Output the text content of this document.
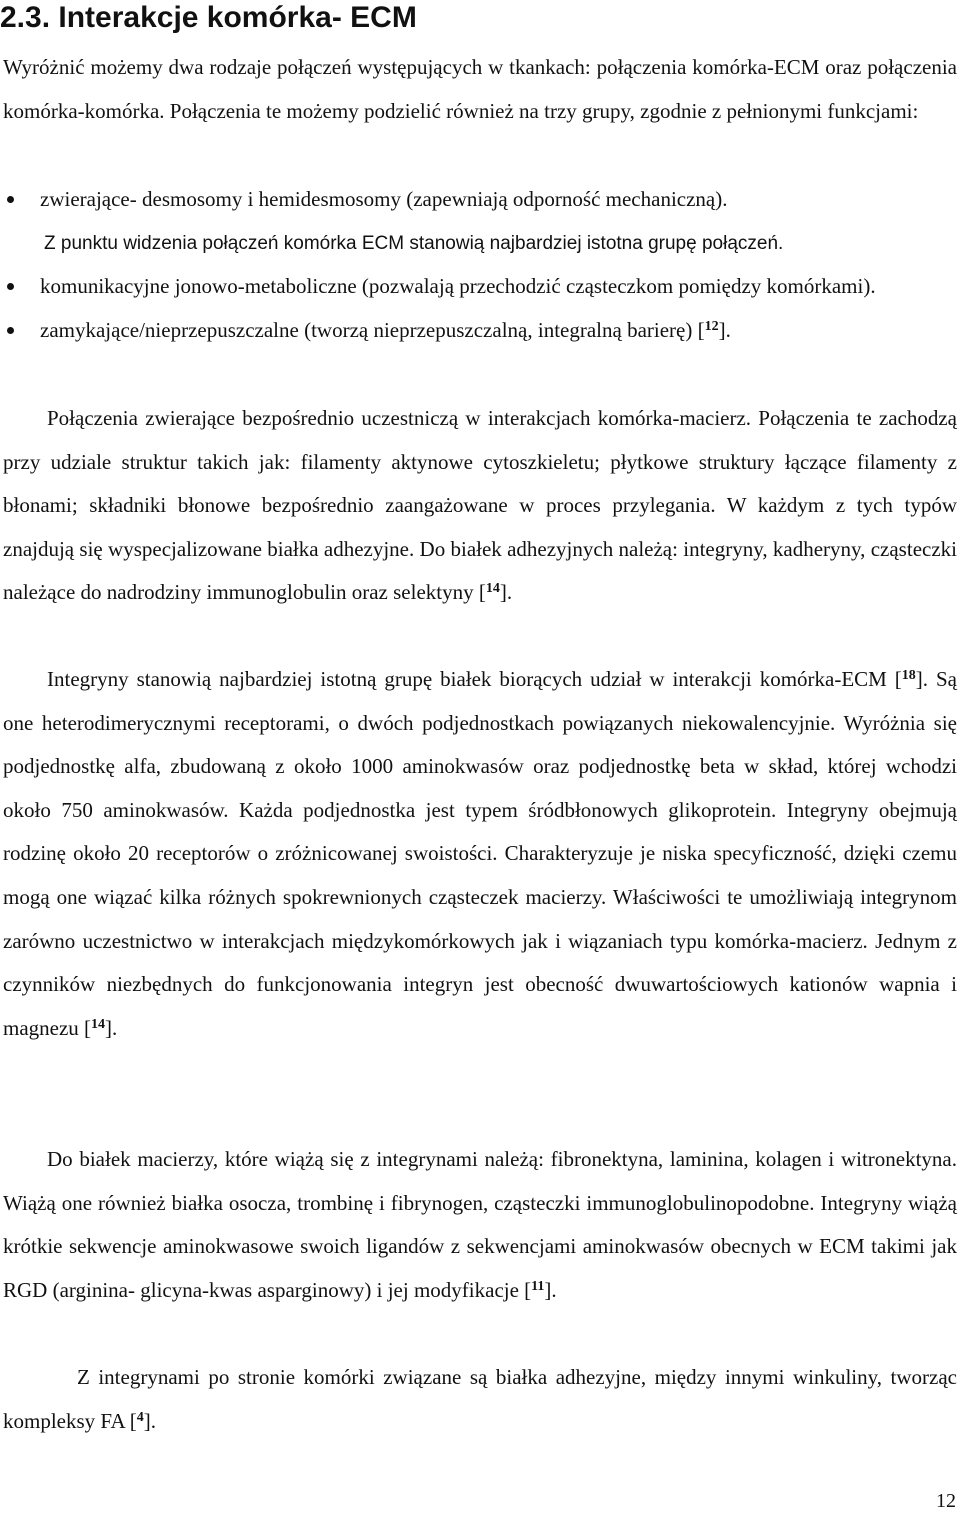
2.3. Interakcje komórka- ECM

Wyróżnić możemy dwa rodzaje połączeń występujących w tkankach: połączenia komórka-ECM oraz połączenia komórka-komórka. Połączenia te możemy podzielić również na trzy grupy, zgodnie z pełnionymi funkcjami:

zwierające- desmosomy i hemidesmosomy (zapewniają odporność mechaniczną).
komunikacyjne jonowo-metaboliczne (pozwalają przechodzić cząsteczkom pomiędzy komórkami).
zamykające/nieprzepuszczalne (tworzą nieprzepuszczalną, integralną barierę) [$^{12}$].

Z punktu widzenia połączeń komórka ECM stanowią najbardziej istotna grupę połączeń.

Połączenia zwierające bezpośrednio uczestniczą w interakcjach komórka-macierz. Połączenia te zachodzą przy udziale struktur takich jak: filamenty aktynowe cytoszkieletu; płytkowe struktury łączące filamenty z błonami; składniki błonowe bezpośrednio zaangażowane w proces przylegania. W każdym z tych typów znajdują się wyspecjalizowane białka adhezyjne. Do białek adhezyjnych należą: integryny, kadheryny, cząsteczki należące do nadrodziny immunoglobulin oraz selektyny [$^{14}$].

Integryny stanowią najbardziej istotną grupę białek biorących udział w interakcji komórka-ECM [$^{18}$]. Są one heterodimerycznymi receptorami, o dwóch podjednostkach powiązanych niekowalencyjnie. Wyróżnia się podjednostkę alfa, zbudowaną z około 1000 aminokwasów oraz podjednostkę beta w skład, której wchodzi około 750 aminokwasów. Każda podjednostka jest typem śródbłonowych glikoprotein. Integryny obejmują rodzinę około 20 receptorów o zróżnicowanej swoistości. Charakteryzuje je niska specyficzność, dzięki czemu mogą one wiązać kilka różnych spokrewnionych cząsteczek macierzy. Właściwości te umożliwiają integrynom zarówno uczestnictwo w interakcjach międzykomórkowych jak i wiązaniach typu komórka-macierz. Jednym z czynników niezbędnych do funkcjonowania integryn jest obecność dwuwartościowych kationów wapnia i magnezu [$^{14}$].

Do białek macierzy, które wiążą się z integrynami należą: fibronektyna, laminina, kolagen i witronektyna. Wiążą one również białka osocza, trombinę i fibrynogen, cząsteczki immunoglobulinopodobne. Integryny wiążą krótkie sekwencje aminokwasowe swoich ligandów z sekwencjami aminokwasów obecnych w ECM takimi jak RGD (arginina- glicyna-kwas asparginowy) i jej modyfikacje [$^{11}$].

Z integrynami po stronie komórki związane są białka adhezyjne, między innymi winkuliny, tworząc kompleksy FA [$^4$].

12
